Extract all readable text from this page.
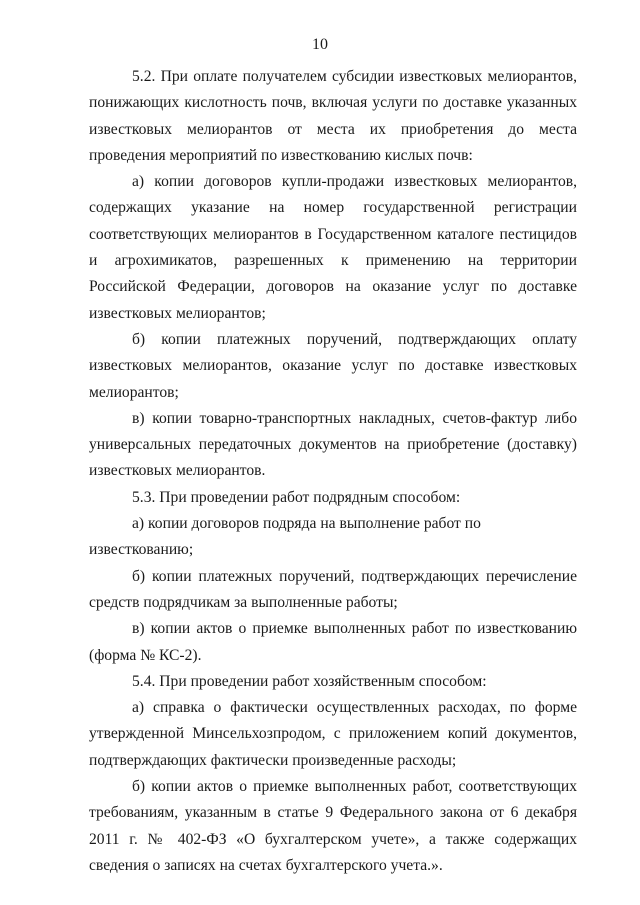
10

5.2. При оплате получателем субсидии известковых мелиорантов, понижающих кислотность почв, включая услуги по доставке указанных известковых мелиорантов от места их приобретения до места проведения мероприятий по известкованию кислых почв:

а) копии договоров купли-продажи известковых мелиорантов, содержащих указание на номер государственной регистрации соответствующих мелиорантов в Государственном каталоге пестицидов и агрохимикатов, разрешенных к применению на территории Российской Федерации, договоров на оказание услуг по доставке известковых мелиорантов;

б) копии платежных поручений, подтверждающих оплату известковых мелиорантов, оказание услуг по доставке известковых мелиорантов;

в) копии товарно-транспортных накладных, счетов-фактур либо универсальных передаточных документов на приобретение (доставку) известковых мелиорантов.

5.3. При проведении работ подрядным способом:

а) копии договоров подряда на выполнение работ по известкованию;

б) копии платежных поручений, подтверждающих перечисление средств подрядчикам за выполненные работы;

в) копии актов о приемке выполненных работ по известкованию (форма № КС-2).

5.4. При проведении работ хозяйственным способом:

а) справка о фактически осуществленных расходах, по форме утвержденной Минсельхозпродом, с приложением копий документов, подтверждающих фактически произведенные расходы;

б) копии актов о приемке выполненных работ, соответствующих требованиям, указанным в статье 9 Федерального закона от 6 декабря 2011 г. № 402-ФЗ «О бухгалтерском учете», а также содержащих сведения о записях на счетах бухгалтерского учета.».
